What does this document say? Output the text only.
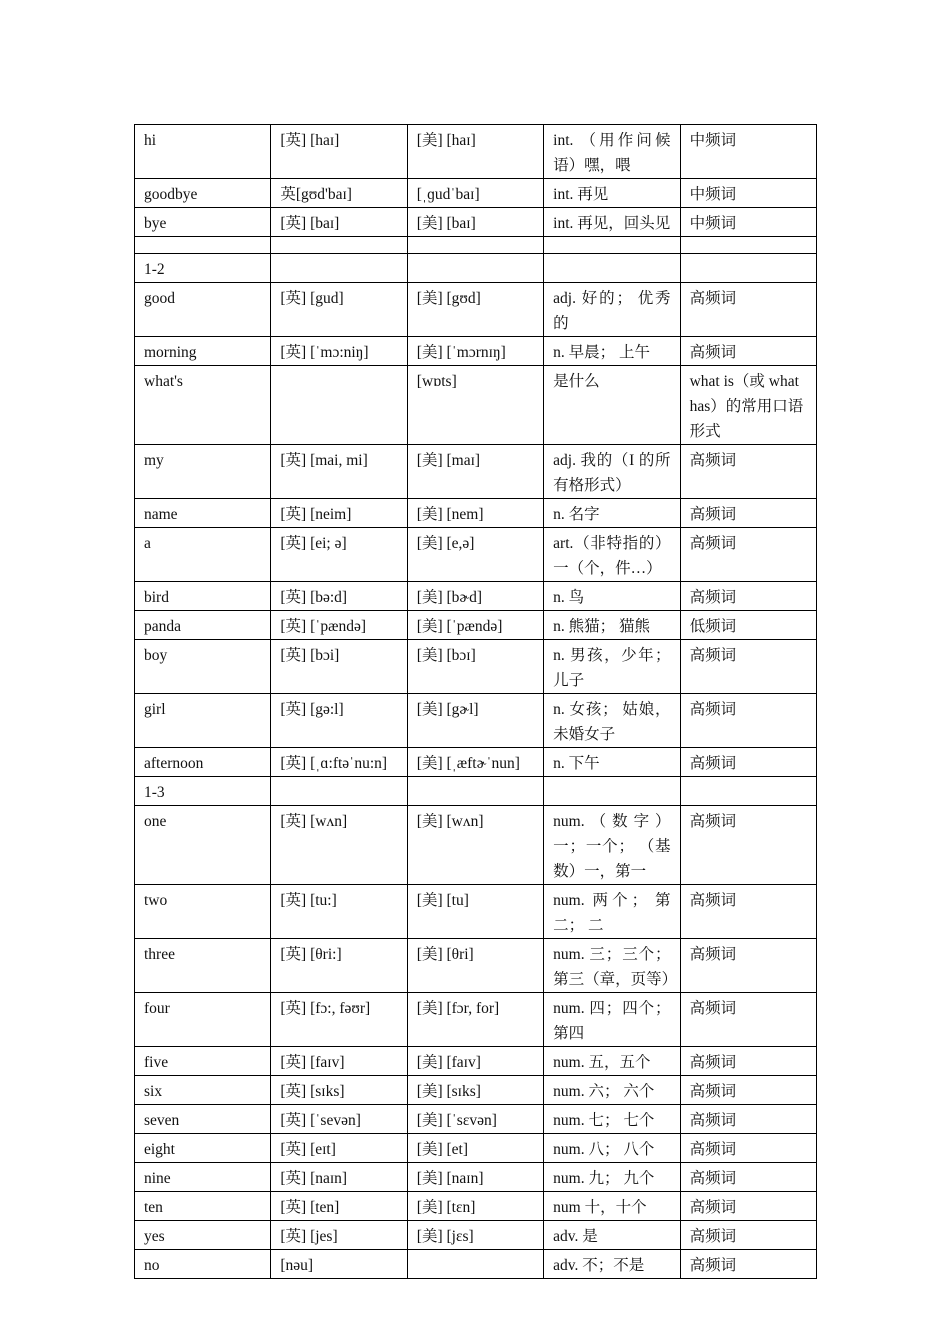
hi	[英] [haɪ]	[美] [haɪ]	int. （用作问候语）嘿，喂	中频词
goodbye	英[gʊd'baɪ]	[ˌɡudˈbaɪ]	int. 再见	中频词
bye	[英] [baɪ]	[美] [baɪ]	int. 再见，回头见	中频词

1-2				
good	[英] [gud]	[美] [gʊd]	adj. 好的； 优秀的	高频词
morning	[英] [ˈmɔ:niŋ]	[美] [ˈmɔrnɪŋ]	n. 早晨； 上午	高频词
what's		[wɒts]	是什么	what is（或 what has）的常用口语形式
my	[英] [mai, mi]	[美] [maɪ]	adj. 我的（I 的所有格形式）	高频词
name	[英] [neim]	[美] [nem]	n. 名字	高频词
a	[英] [ei; ə]	[美] [e,ə]	art.（非特指的）一（个，件…）	高频词
bird	[英] [bə:d]	[美] [bɚd]	n. 鸟	高频词
panda	[英] [ˈpændə]	[美] [ˈpændə]	n. 熊猫； 猫熊	低频词
boy	[英] [bɔi]	[美] [bɔɪ]	n. 男孩，少年；儿子	高频词
girl	[英] [gə:l]	[美] [gɚl]	n. 女孩； 姑娘，未婚女子	高频词
afternoon	[英] [ˌɑ:ftəˈnu:n]	[美] [ˌæftɚˈnun]	n. 下午	高频词
1-3				
one	[英] [wʌn]	[美] [wʌn]	num.（数字）一；一个； （基数）一，第一	高频词
two	[英] [tu:]	[美] [tu]	num. 两个； 第二； 二	高频词
three	[英] [θri:]	[美] [θri]	num. 三；三个；第三（章，页等）	高频词
four	[英] [fɔ:, fəʊr]	[美] [fɔr, for]	num. 四；四个；第四	高频词
five	[英] [faɪv]	[美] [faɪv]	num. 五，五个	高频词
six	[英] [sɪks]	[美] [sɪks]	num. 六； 六个	高频词
seven	[英] [ˈsevən]	[美] [ˈsɛvən]	num. 七； 七个	高频词
eight	[英] [eɪt]	[美] [et]	num. 八； 八个	高频词
nine	[英] [naɪn]	[美] [naɪn]	num. 九； 九个	高频词
ten	[英] [ten]	[美] [tɛn]	num 十，十个	高频词
yes	[英] [jes]	[美] [jɛs]	adv. 是	高频词
no	[nəu]		adv. 不；不是	高频词
